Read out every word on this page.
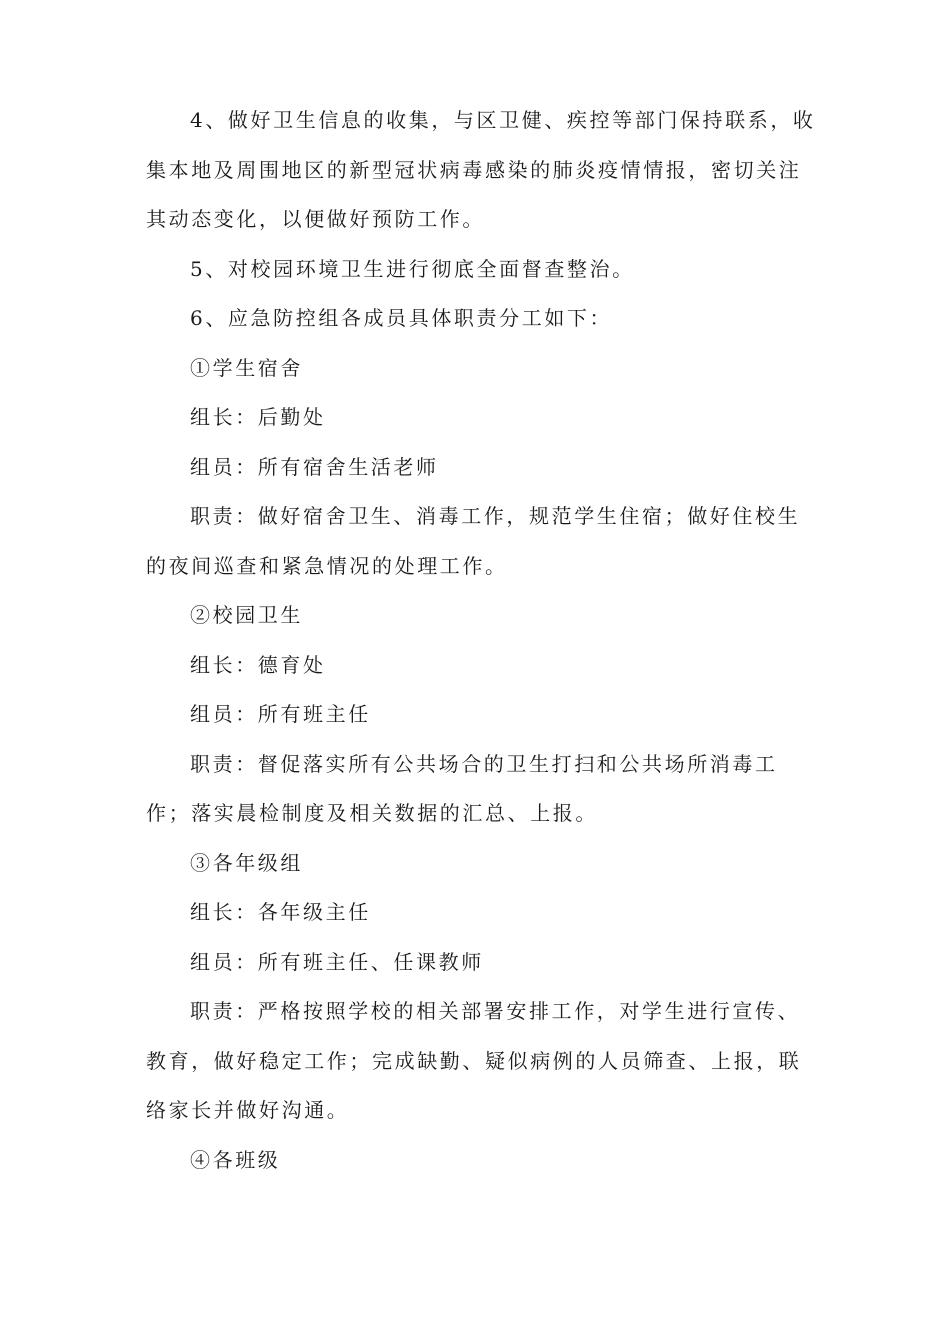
4、做好卫生信息的收集，与区卫健、疾控等部门保持联系，收集本地及周围地区的新型冠状病毒感染的肺炎疫情情报，密切关注其动态变化，以便做好预防工作。

5、对校园环境卫生进行彻底全面督查整治。

6、应急防控组各成员具体职责分工如下：

①学生宿舍

组长：后勤处

组员：所有宿舍生活老师

职责：做好宿舍卫生、消毒工作，规范学生住宿；做好住校生的夜间巡查和紧急情况的处理工作。

②校园卫生

组长：德育处

组员：所有班主任

职责：督促落实所有公共场合的卫生打扫和公共场所消毒工作；落实晨检制度及相关数据的汇总、上报。

③各年级组

组长：各年级主任

组员：所有班主任、任课教师

职责：严格按照学校的相关部署安排工作，对学生进行宣传、教育，做好稳定工作；完成缺勤、疑似病例的人员筛查、上报，联络家长并做好沟通。

④各班级
